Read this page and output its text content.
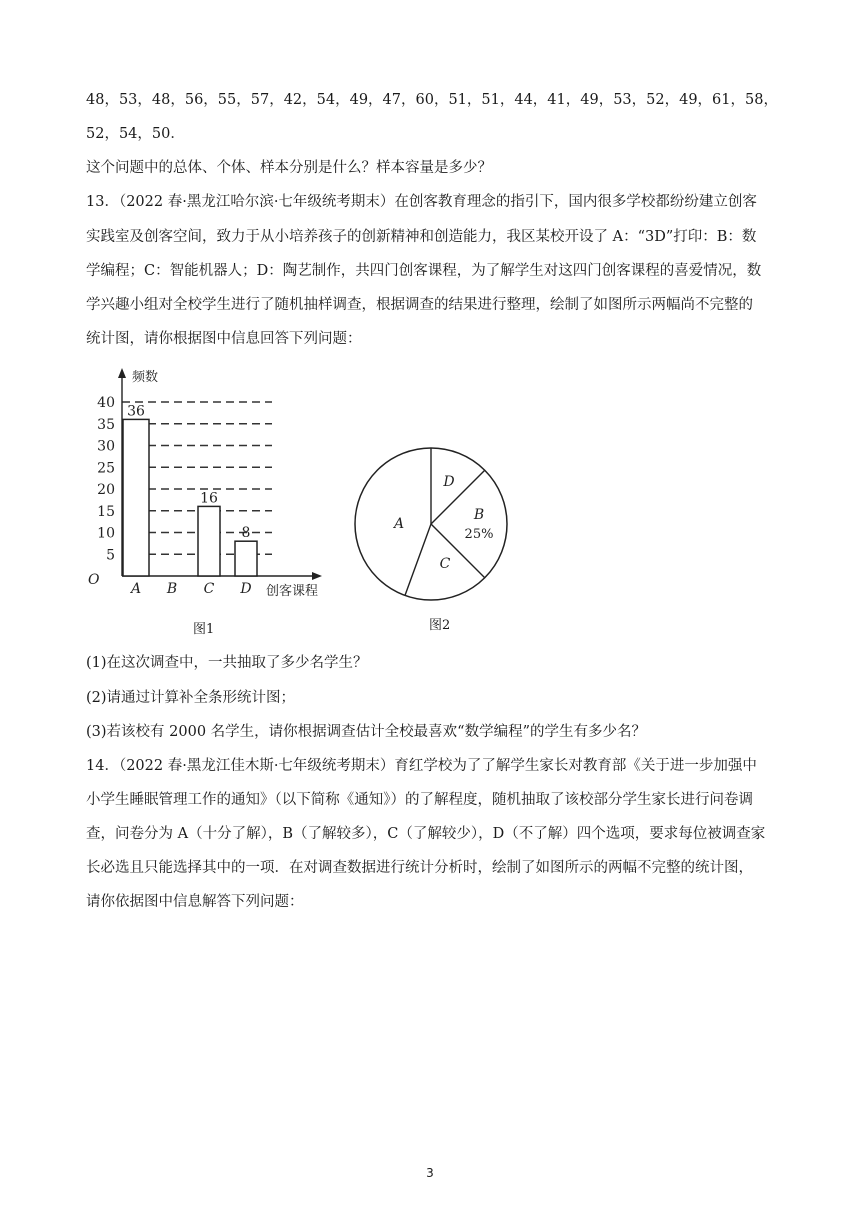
48，53，48，56，55，57，42，54，49，47，60，51，51，44，41，49，53，52，49，61，58，
52，54，50．
这个问题中的总体、个体、样本分别是什么？样本容量是多少？
13．（2022 春·黑龙江哈尔滨·七年级统考期末）在创客教育理念的指引下，国内很多学校都纷纷建立创客
实践室及创客空间，致力于从小培养孩子的创新精神和创造能力，我区某校开设了 A：“3D”打印：B：数
学编程；C：智能机器人；D：陶艺制作，共四门创客课程，为了解学生对这四门创客课程的喜爱情况，数
学兴趣小组对全校学生进行了随机抽样调查，根据调查的结果进行整理，绘制了如图所示两幅尚不完整的
统计图，请你根据图中信息回答下列问题：
5
10
15
20
25
30
35
40
频数
创客课程
O
36
A B
16
C
8
D
图1
A
B
25%
C
D
图2
(1)在这次调查中，一共抽取了多少名学生？
(2)请通过计算补全条形统计图；
(3)若该校有 2000 名学生，请你根据调查估计全校最喜欢“数学编程”的学生有多少名？
14．（2022 春·黑龙江佳木斯·七年级统考期末）育红学校为了了解学生家长对教育部《关于进一步加强中
小学生睡眠管理工作的通知》（以下简称《通知》）的了解程度，随机抽取了该校部分学生家长进行问卷调
查，问卷分为 A（十分了解），B（了解较多），C（了解较少），D（不了解）四个选项，要求每位被调查家
长必选且只能选择其中的一项．在对调查数据进行统计分析时，绘制了如图所示的两幅不完整的统计图，
请你依据图中信息解答下列问题：
3
